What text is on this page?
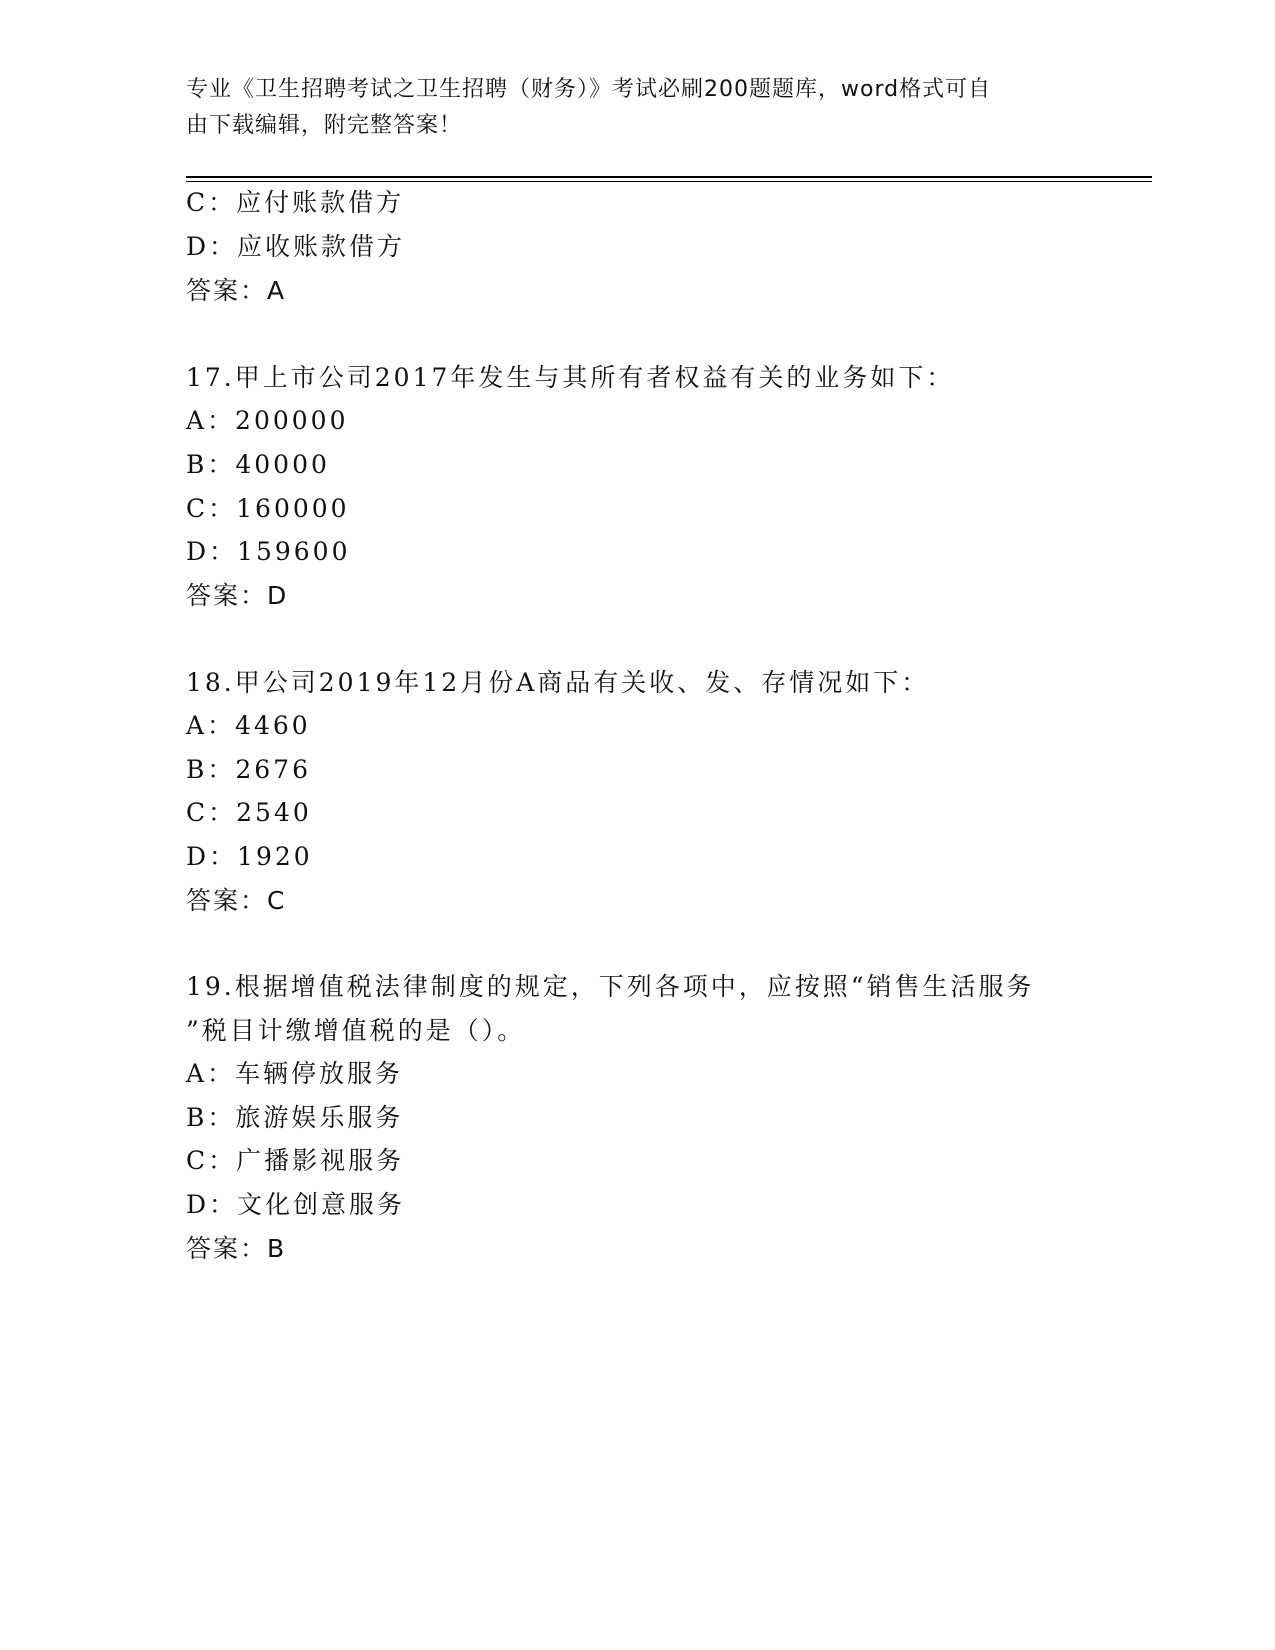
专业《卫生招聘考试之卫生招聘（财务）》考试必刷200题题库，word格式可自
由下载编辑，附完整答案！
C：应付账款借方
D：应收账款借方
答案：A
17.甲上市公司2017年发生与其所有者权益有关的业务如下：
A：200000
B：40000
C：160000
D：159600
答案：D
18.甲公司2019年12月份A商品有关收、发、存情况如下：
A：4460
B：2676
C：2540
D：1920
答案：C
19.根据增值税法律制度的规定，下列各项中，应按照“销售生活服务
”税目计缴增值税的是（）。
A：车辆停放服务
B：旅游娱乐服务
C：广播影视服务
D：文化创意服务
答案：B
